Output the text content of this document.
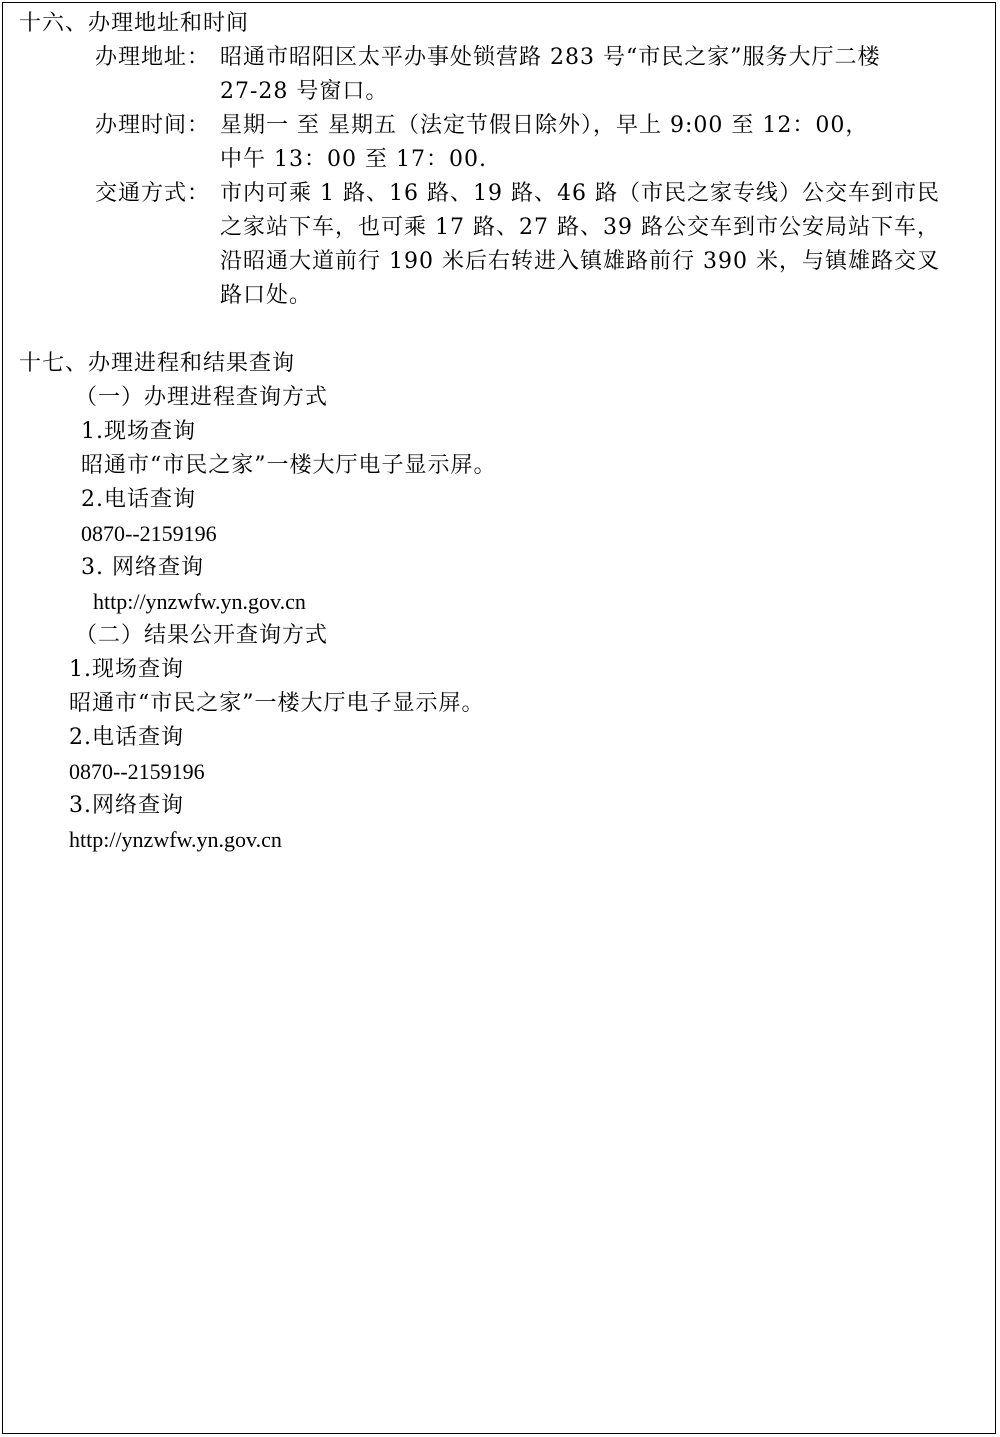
十六、办理地址和时间
办理地址： 昭通市昭阳区太平办事处锁营路 283 号“市民之家”服务大厅二楼
27-28 号窗口。
办理时间： 星期一 至 星期五（法定节假日除外），早上 9:00 至 12：00，
中午 13：00 至 17：00.
交通方式： 市内可乘 1 路、16 路、19 路、46 路（市民之家专线）公交车到市民
之家站下车，也可乘 17 路、27 路、39 路公交车到市公安局站下车，
沿昭通大道前行 190 米后右转进入镇雄路前行 390 米，与镇雄路交叉
路口处。
十七、办理进程和结果查询
（一）办理进程查询方式
1.现场查询
昭通市“市民之家”一楼大厅电子显示屏。
2.电话查询
0870--2159196
3. 网络查询
http://ynzwfw.yn.gov.cn
（二）结果公开查询方式
1.现场查询
昭通市“市民之家”一楼大厅电子显示屏。
2.电话查询
0870--2159196
3.网络查询
http://ynzwfw.yn.gov.cn
